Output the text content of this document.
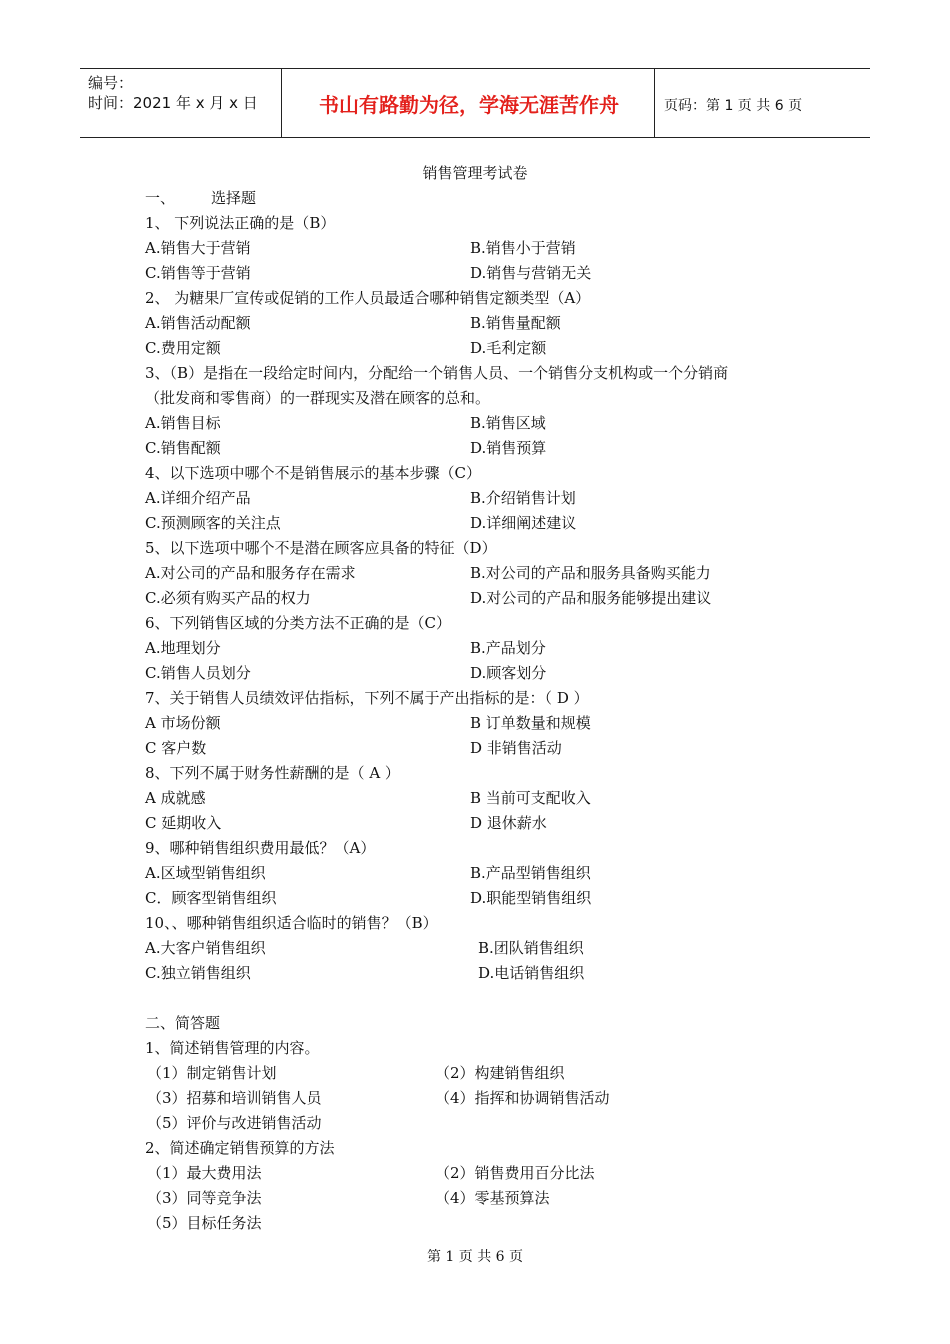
编号：
时间：2021 年 x 月 x 日	书山有路勤为径，学海无涯苦作舟	页码：第 1 页 共 6 页
销售管理考试卷
一、 选择题
1、 下列说法正确的是（B）
A.销售大于营销	B.销售小于营销
C.销售等于营销	D.销售与营销无关
2、 为糖果厂宣传或促销的工作人员最适合哪种销售定额类型（A）
A.销售活动配额	B.销售量配额
C.费用定额	D.毛利定额
3、（B）是指在一段给定时间内，分配给一个销售人员、一个销售分支机构或一个分销商
（批发商和零售商）的一群现实及潜在顾客的总和。
A.销售目标	B.销售区域
C.销售配额	D.销售预算
4、以下选项中哪个不是销售展示的基本步骤（C）
A.详细介绍产品	B.介绍销售计划
C.预测顾客的关注点	D.详细阐述建议
5、以下选项中哪个不是潜在顾客应具备的特征（D）
A.对公司的产品和服务存在需求	B.对公司的产品和服务具备购买能力
C.必须有购买产品的权力	D.对公司的产品和服务能够提出建议
6、下列销售区域的分类方法不正确的是（C）
A.地理划分	B.产品划分
C.销售人员划分	D.顾客划分
7、关于销售人员绩效评估指标，下列不属于产出指标的是：（ D ）
A 市场份额	B 订单数量和规模
C 客户数	D 非销售活动
8、下列不属于财务性薪酬的是（ A ）
A 成就感	B 当前可支配收入
C 延期收入	D 退休薪水
9、哪种销售组织费用最低？（A）
A.区域型销售组织	B.产品型销售组织
C．顾客型销售组织	D.职能型销售组织
10、、哪种销售组织适合临时的销售？（B）
A.大客户销售组织	B.团队销售组织
C.独立销售组织	D.电话销售组织
二、简答题
1、简述销售管理的内容。
（1）制定销售计划	（2）构建销售组织
（3）招募和培训销售人员	（4）指挥和协调销售活动
（5）评价与改进销售活动
2、简述确定销售预算的方法
（1）最大费用法	（2）销售费用百分比法
（3）同等竞争法	（4）零基预算法
（5）目标任务法
第 1 页 共 6 页
